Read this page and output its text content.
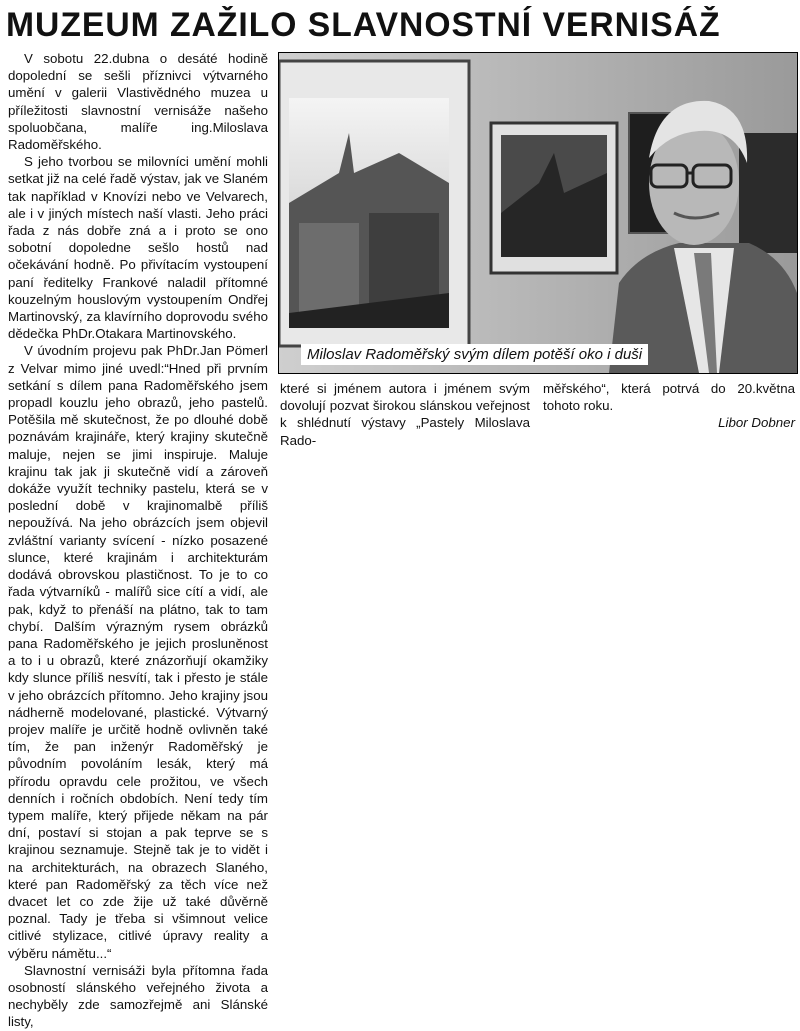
MUZEUM ZAŽILO SLAVNOSTNÍ VERNISÁŽ

V sobotu 22.dubna o desáté hodině dopolední se sešli příznivci výtvarného umění v galerii Vlastivědného muzea u příležitosti slavnostní vernisáže našeho spoluobčana, malíře ing.Miloslava Radoměřského.

S jeho tvorbou se milovníci umění mohli setkat již na celé řadě výstav, jak ve Slaném tak například v Knovízi nebo ve Velvarech, ale i v jiných místech naší vlasti. Jeho práci řada z nás dobře zná a i proto se ono sobotní dopoledne sešlo hostů nad očekávání hodně. Po přivítacím vystoupení paní ředitelky Frankové naladil přítomné kouzelným houslovým vystoupením Ondřej Martinovský, za klavírního doprovodu svého dědečka PhDr.Otakara Martinovského.

V úvodním projevu pak PhDr.Jan Pömerl z Velvar mimo jiné uvedl:“Hned při prvním setkání s dílem pana Radoměřského jsem propadl kouzlu jeho obrazů, jeho pastelů. Potěšila mě skutečnost, že po dlouhé době poznávám krajináře, který krajiny skutečně maluje, nejen se jimi inspiruje. Maluje krajinu tak jak ji skutečně vidí a zároveň dokáže využít techniky pastelu, která se v poslední době v krajinomalbě příliš nepoužívá. Na jeho obrázcích jsem objevil zvláštní varianty svícení - nízko posazené slunce, které krajinám i architekturám dodává obrovskou plastičnost. To je to co řada výtvarníků - malířů sice cítí a vidí, ale pak, když to přenáší na plátno, tak to tam chybí. Dalším výrazným rysem obrázků pana Radoměřského je jejich prosluněnost a to i u obrazů, které znázorňují okamžiky kdy slunce příliš nesvítí, tak i přesto je stále v jeho obrázcích přítomno. Jeho krajiny jsou nádherně modelované, plastické. Výtvarný projev malíře je určitě hodně ovlivněn také tím, že pan inženýr Radoměřský je původním povoláním lesák, který má přírodu opravdu cele prožitou, ve všech denních i ročních obdobích. Není tedy tím typem malíře, který přijede někam na pár dní, postaví si stojan a pak teprve se s krajinou seznamuje. Stejně tak je to vidět i na architekturách, na obrazech Slaného, které pan Radoměřský za těch více než dvacet let co zde žije už také důvěrně poznal. Tady je třeba si všimnout velice citlivé stylizace, citlivé úpravy reality a výběru námětu...“

Slavnostní vernisáži byla přítomna řada osobností slánského veřejného života a nechyběly zde samozřejmě ani Slánské listy,

Miloslav Radoměřský svým dílem potěší oko i duši

které si jménem autora i jménem svým dovolují pozvat širokou slánskou veřejnost k shlédnutí výstavy „Pastely Miloslava Rado-

měřského“, která potrvá do 20.května tohoto roku.

Libor Dobner
